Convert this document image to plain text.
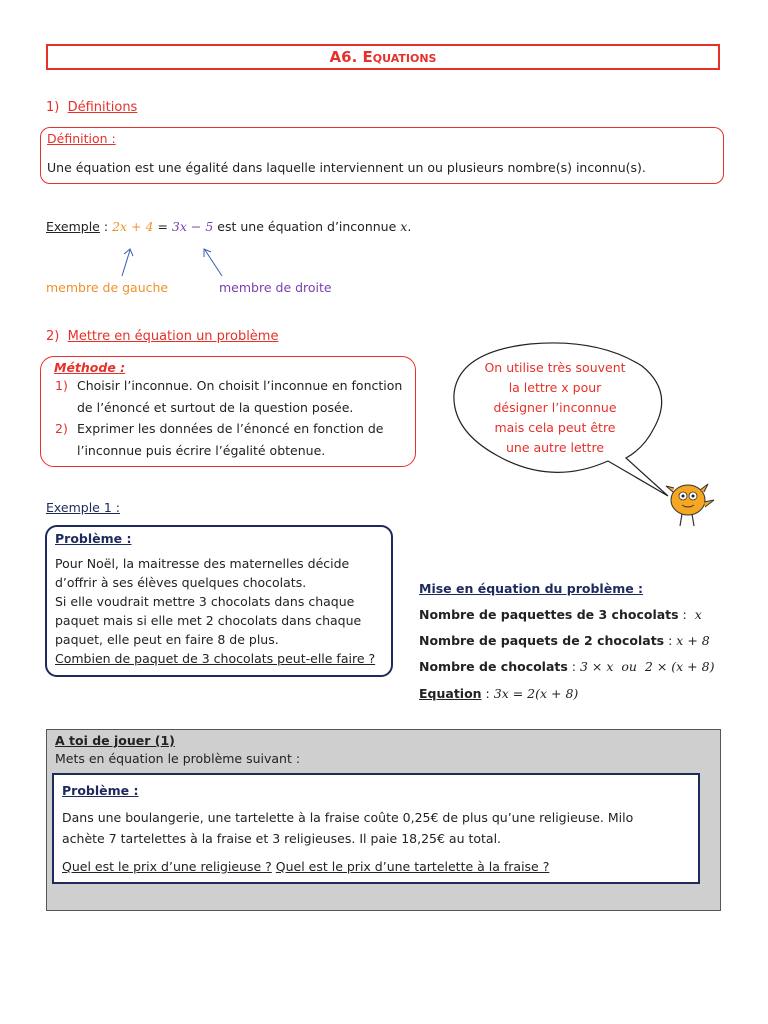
A6. Equations
1) Définitions
Définition :
Une équation est une égalité dans laquelle interviennent un ou plusieurs nombre(s) inconnu(s).
Exemple : 2x + 4 = 3x − 5 est une équation d’inconnue x.
membre de gauche	membre de droite
2) Mettre en équation un problème
Méthode :
1) Choisir l’inconnue. On choisit l’inconnue en fonction
de l’énoncé et surtout de la question posée.
2) Exprimer les données de l’énoncé en fonction de
l’inconnue puis écrire l’égalité obtenue.
On utilise très souvent
la lettre x pour
désigner l’inconnue
mais cela peut être
une autre lettre
Exemple 1 :
Problème :
Pour Noël, la maitresse des maternelles décide
d’offrir à ses élèves quelques chocolats.
Si elle voudrait mettre 3 chocolats dans chaque
paquet mais si elle met 2 chocolats dans chaque
paquet, elle peut en faire 8 de plus.
Combien de paquet de 3 chocolats peut-elle faire ?
Mise en équation du problème :
Nombre de paquettes de 3 chocolats :  x
Nombre de paquets de 2 chocolats : x + 8
Nombre de chocolats : 3 × x  ou  2 × (x + 8)
Equation : 3x = 2(x + 8)
A toi de jouer (1)
Mets en équation le problème suivant :
Problème :
Dans une boulangerie, une tartelette à la fraise coûte 0,25€ de plus qu’une religieuse. Milo
achète 7 tartelettes à la fraise et 3 religieuses. Il paie 18,25€ au total.
Quel est le prix d’une religieuse ? Quel est le prix d’une tartelette à la fraise ?
